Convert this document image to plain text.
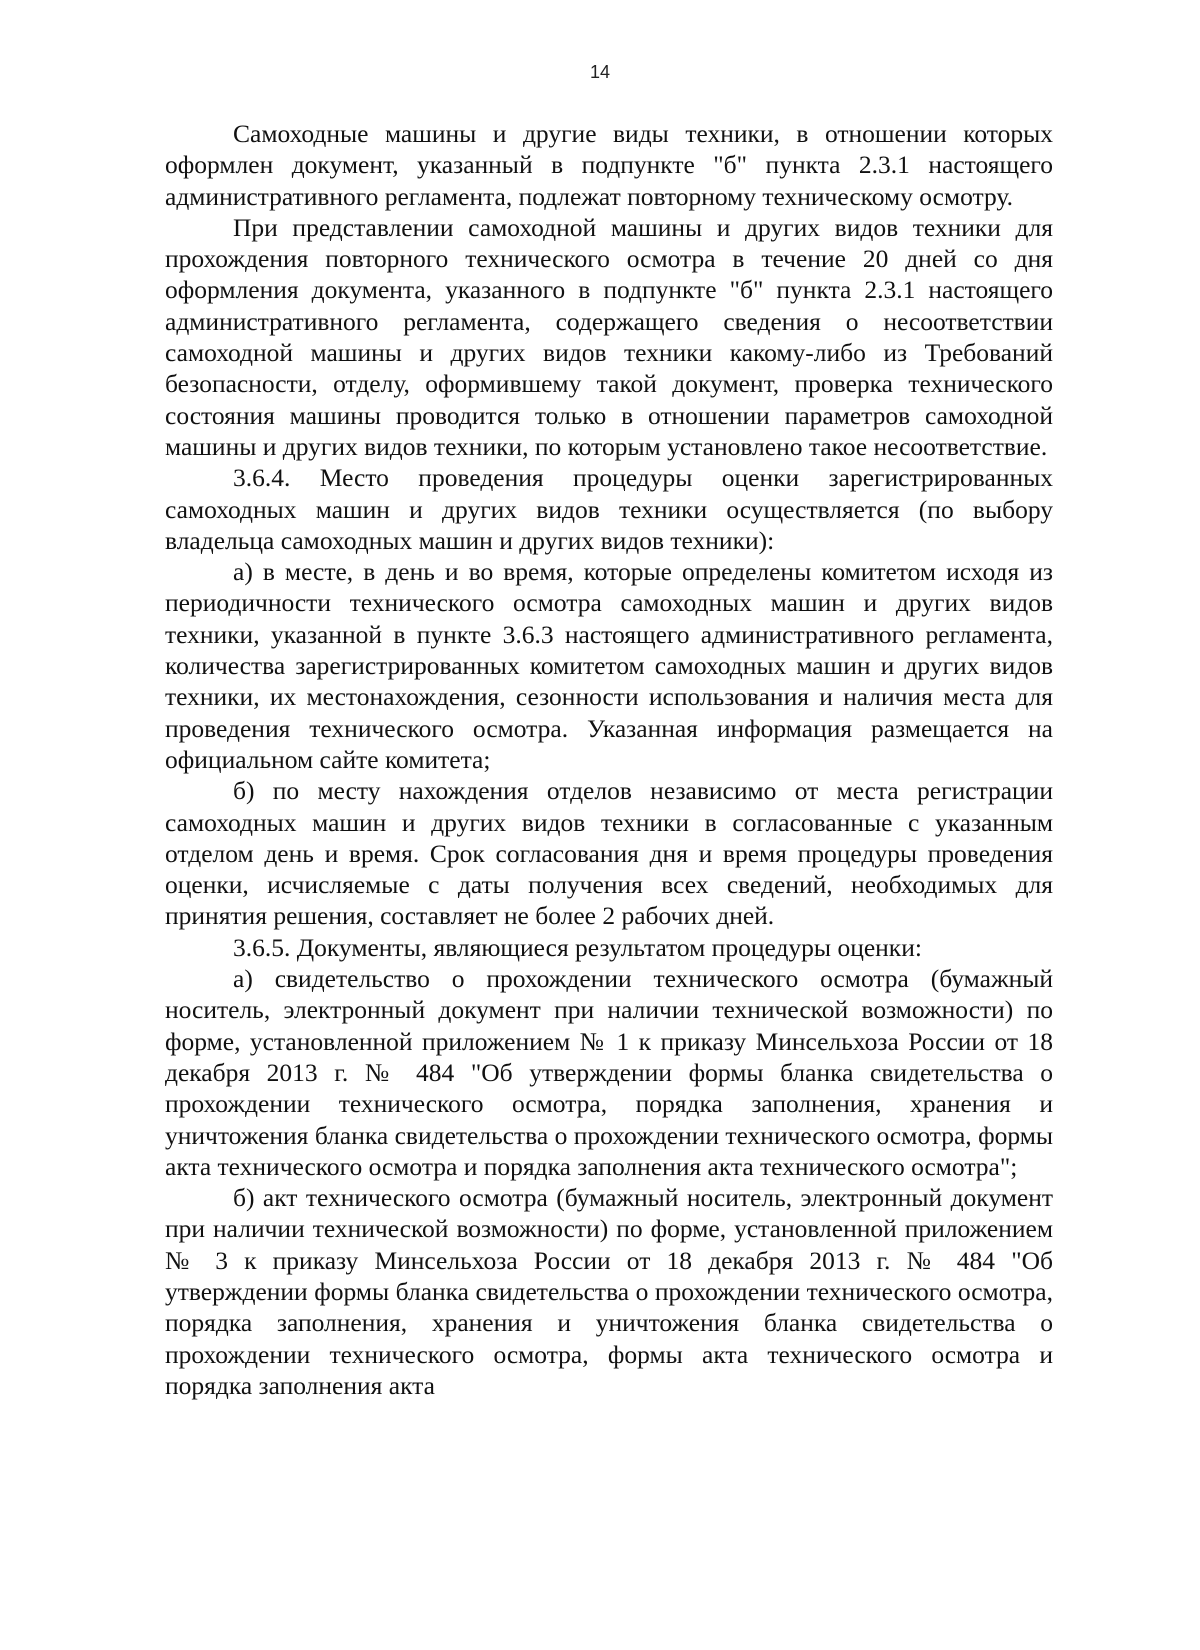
14

Самоходные машины и другие виды техники, в отношении которых оформлен документ, указанный в подпункте "б" пункта 2.3.1 настоящего административного регламента, подлежат повторному техническому осмотру.

При представлении самоходной машины и других видов техники для прохождения повторного технического осмотра в течение 20 дней со дня оформления документа, указанного в подпункте "б" пункта 2.3.1 настоящего административного регламента, содержащего сведения о несоответствии самоходной машины и других видов техники какому-либо из Требований безопасности, отделу, оформившему такой документ, проверка технического состояния машины проводится только в отношении параметров самоходной машины и других видов техники, по которым установлено такое несоответствие.

3.6.4. Место проведения процедуры оценки зарегистрированных самоходных машин и других видов техники осуществляется (по выбору владельца самоходных машин и других видов техники):

а) в месте, в день и во время, которые определены комитетом исходя из периодичности технического осмотра самоходных машин и других видов техники, указанной в пункте 3.6.3 настоящего административного регламента, количества зарегистрированных комитетом самоходных машин и других видов техники, их местонахождения, сезонности использования и наличия места для проведения технического осмотра. Указанная информация размещается на официальном сайте комитета;

б) по месту нахождения отделов независимо от места регистрации самоходных машин и других видов техники в согласованные с указанным отделом день и время. Срок согласования дня и время процедуры проведения оценки, исчисляемые с даты получения всех сведений, необходимых для принятия решения, составляет не более 2 рабочих дней.

3.6.5. Документы, являющиеся результатом процедуры оценки:

а) свидетельство о прохождении технического осмотра (бумажный носитель, электронный документ при наличии технической возможности) по форме, установленной приложением № 1 к приказу Минсельхоза России от 18 декабря 2013 г. № 484 "Об утверждении формы бланка свидетельства о прохождении технического осмотра, порядка заполнения, хранения и уничтожения бланка свидетельства о прохождении технического осмотра, формы акта технического осмотра и порядка заполнения акта технического осмотра";

б) акт технического осмотра (бумажный носитель, электронный документ при наличии технической возможности) по форме, установленной приложением № 3 к приказу Минсельхоза России от 18 декабря 2013 г. № 484 "Об утверждении формы бланка свидетельства о прохождении технического осмотра, порядка заполнения, хранения и уничтожения бланка свидетельства о прохождении технического осмотра, формы акта технического осмотра и порядка заполнения акта
